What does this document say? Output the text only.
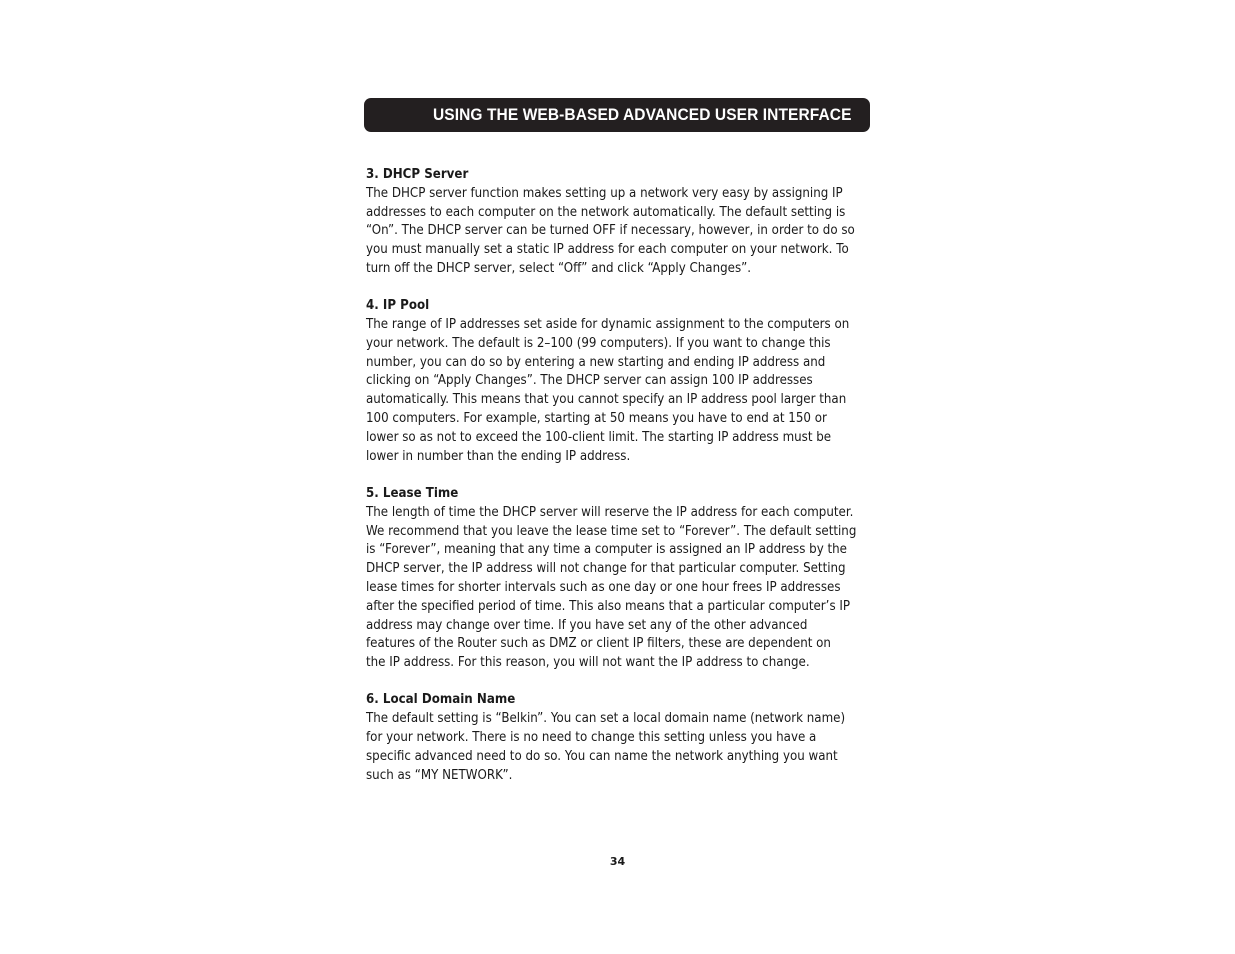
USING THE WEB-BASED ADVANCED USER INTERFACE
3. DHCP Server
The DHCP server function makes setting up a network very easy by assigning IP
addresses to each computer on the network automatically. The default setting is
“On”. The DHCP server can be turned OFF if necessary, however, in order to do so
you must manually set a static IP address for each computer on your network. To
turn off the DHCP server, select “Off” and click “Apply Changes”.
4. IP Pool
The range of IP addresses set aside for dynamic assignment to the computers on
your network. The default is 2–100 (99 computers). If you want to change this
number, you can do so by entering a new starting and ending IP address and
clicking on “Apply Changes”. The DHCP server can assign 100 IP addresses
automatically. This means that you cannot specify an IP address pool larger than
100 computers. For example, starting at 50 means you have to end at 150 or
lower so as not to exceed the 100-client limit. The starting IP address must be
lower in number than the ending IP address.
5. Lease Time
The length of time the DHCP server will reserve the IP address for each computer.
We recommend that you leave the lease time set to “Forever”. The default setting
is “Forever”, meaning that any time a computer is assigned an IP address by the
DHCP server, the IP address will not change for that particular computer. Setting
lease times for shorter intervals such as one day or one hour frees IP addresses
after the specified period of time. This also means that a particular computer’s IP
address may change over time. If you have set any of the other advanced
features of the Router such as DMZ or client IP filters, these are dependent on
the IP address. For this reason, you will not want the IP address to change.
6. Local Domain Name
The default setting is “Belkin”. You can set a local domain name (network name)
for your network. There is no need to change this setting unless you have a
specific advanced need to do so. You can name the network anything you want
such as “MY NETWORK”.
34
